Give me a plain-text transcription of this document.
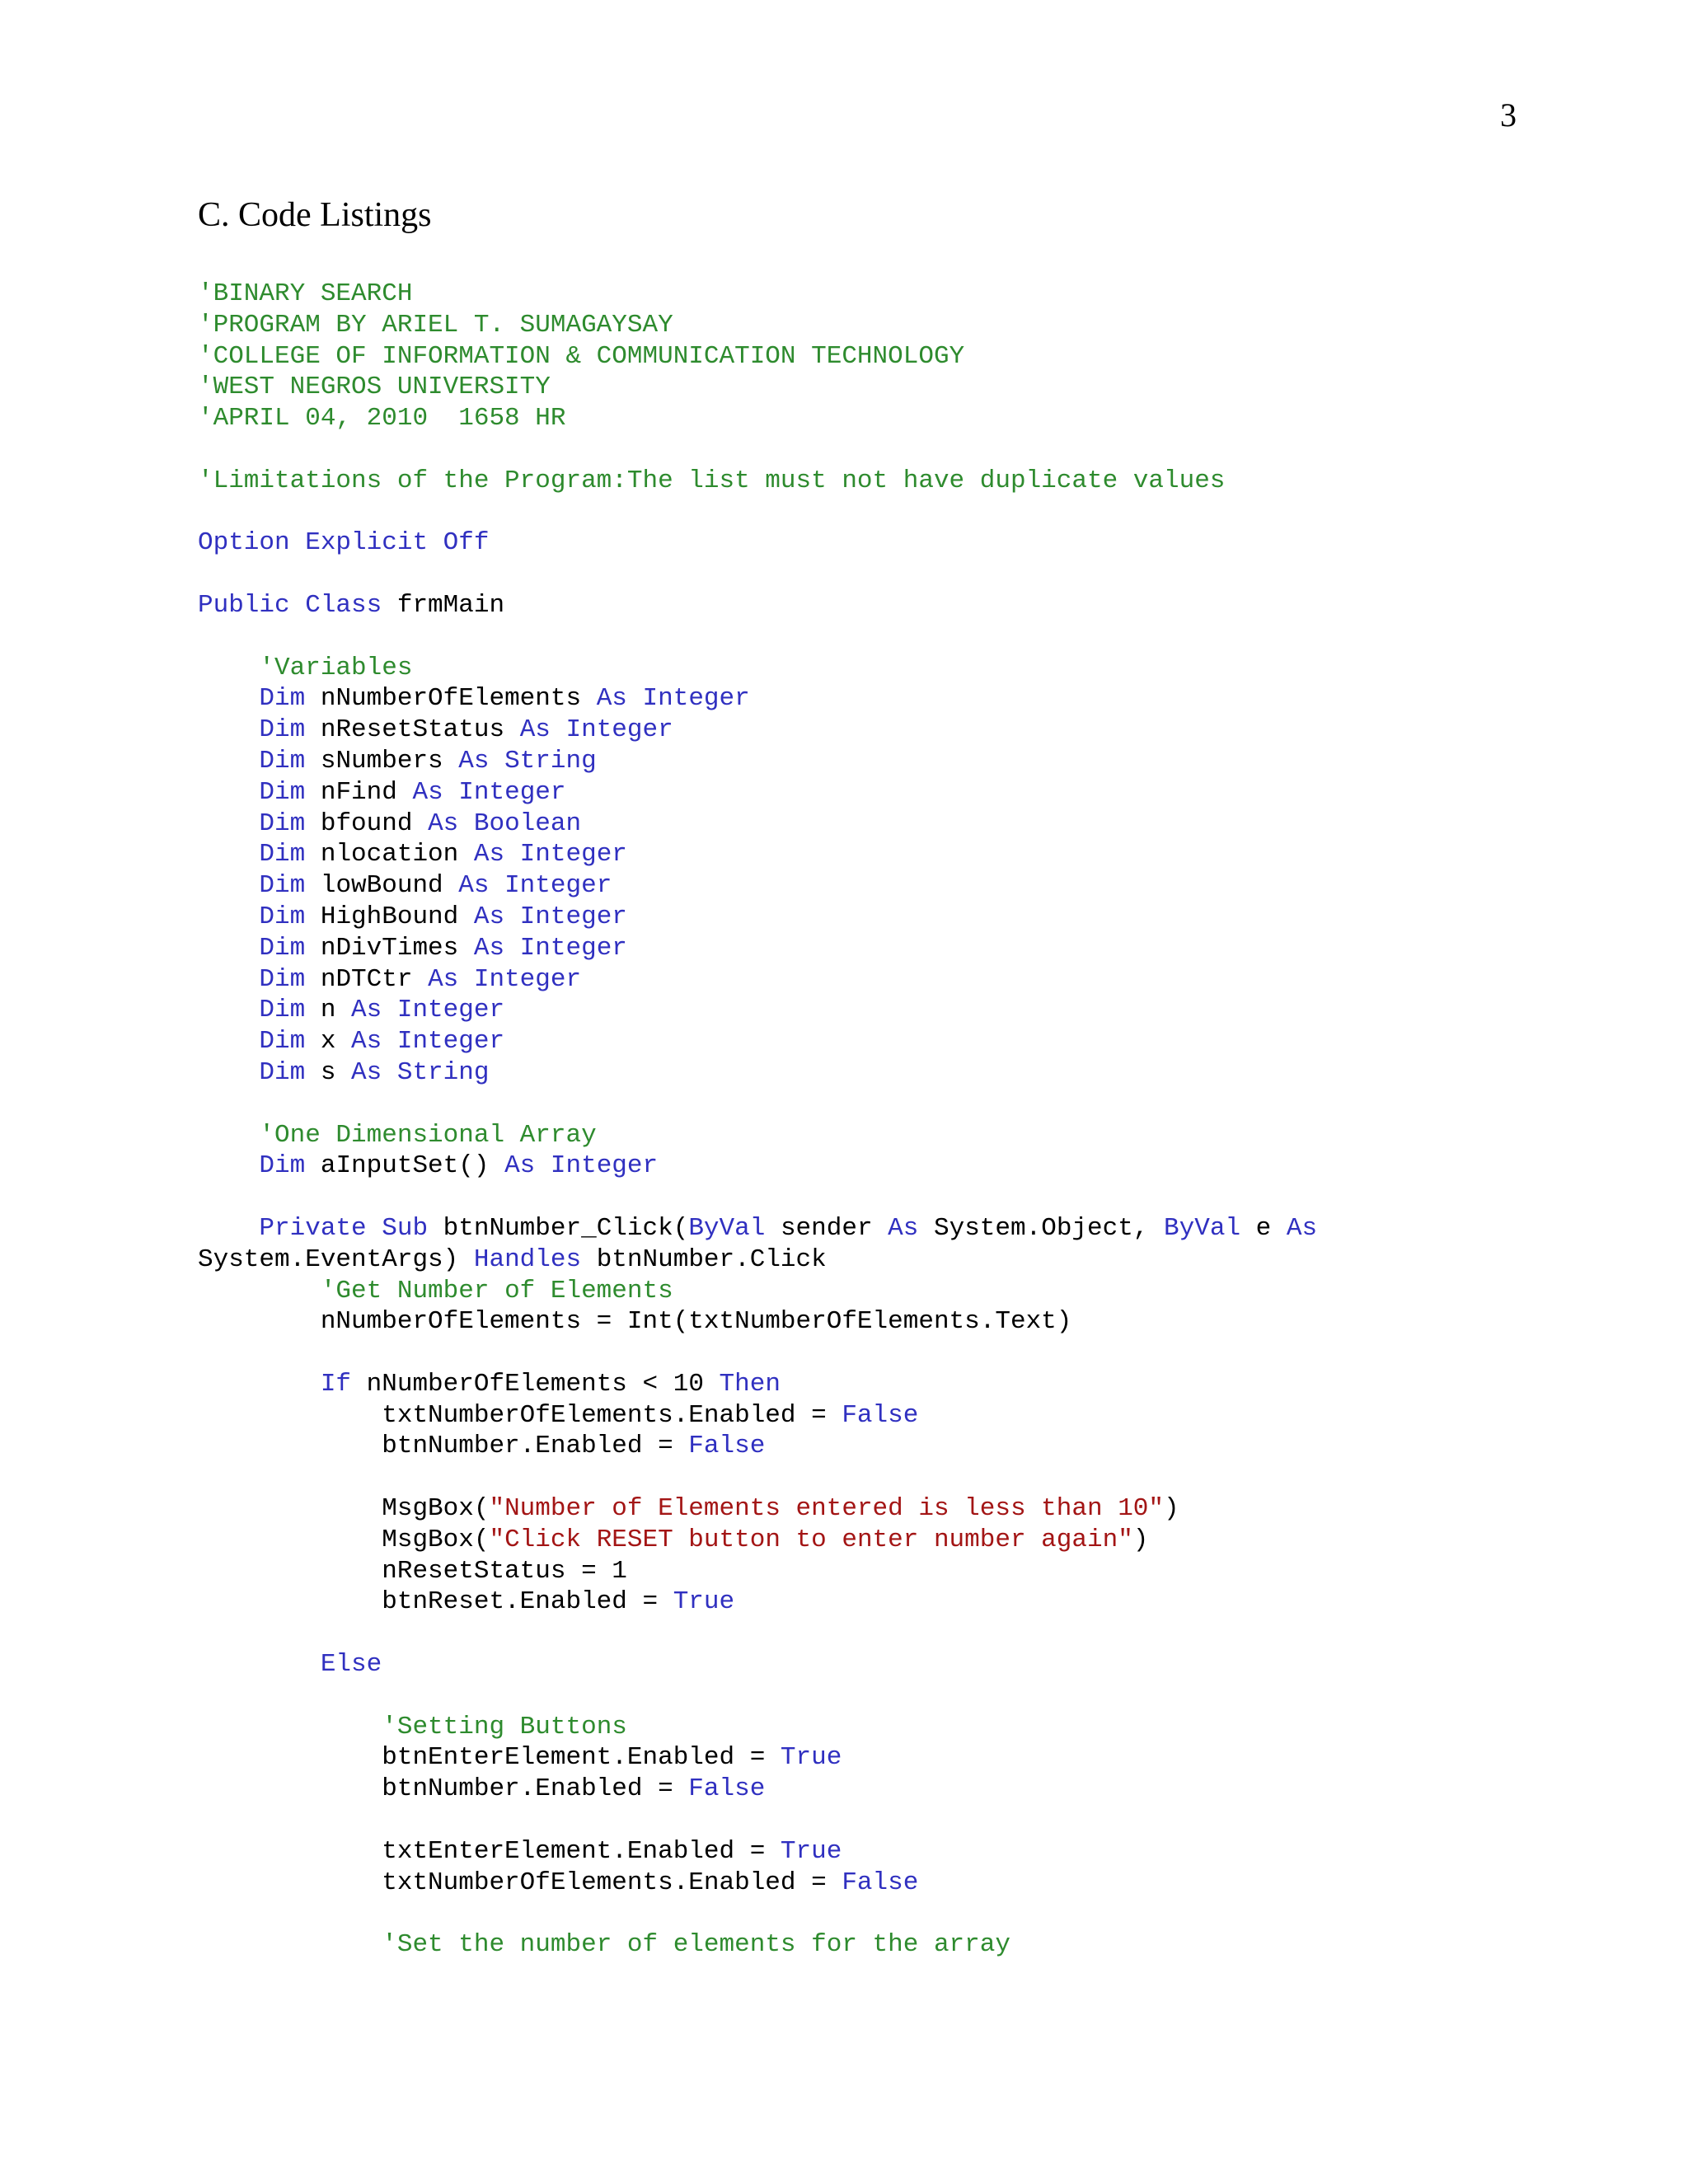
3
C. Code Listings
'BINARY SEARCH
'PROGRAM BY ARIEL T. SUMAGAYSAY
'COLLEGE OF INFORMATION & COMMUNICATION TECHNOLOGY
'WEST NEGROS UNIVERSITY
'APRIL 04, 2010  1658 HR
'Limitations of the Program:The list must not have duplicate values
Option Explicit Off
Public Class frmMain
'Variables
Dim nNumberOfElements As Integer
Dim nResetStatus As Integer
Dim sNumbers As String
Dim nFind As Integer
Dim bfound As Boolean
Dim nlocation As Integer
Dim lowBound As Integer
Dim HighBound As Integer
Dim nDivTimes As Integer
Dim nDTCtr As Integer
Dim n As Integer
Dim x As Integer
Dim s As String
'One Dimensional Array
Dim aInputSet() As Integer
Private Sub btnNumber_Click(ByVal sender As System.Object, ByVal e As
System.EventArgs) Handles btnNumber.Click
'Get Number of Elements
nNumberOfElements = Int(txtNumberOfElements.Text)
If nNumberOfElements < 10 Then
txtNumberOfElements.Enabled = False
btnNumber.Enabled = False
MsgBox("Number of Elements entered is less than 10")
MsgBox("Click RESET button to enter number again")
nResetStatus = 1
btnReset.Enabled = True
Else
'Setting Buttons
btnEnterElement.Enabled = True
btnNumber.Enabled = False
txtEnterElement.Enabled = True
txtNumberOfElements.Enabled = False
'Set the number of elements for the array
